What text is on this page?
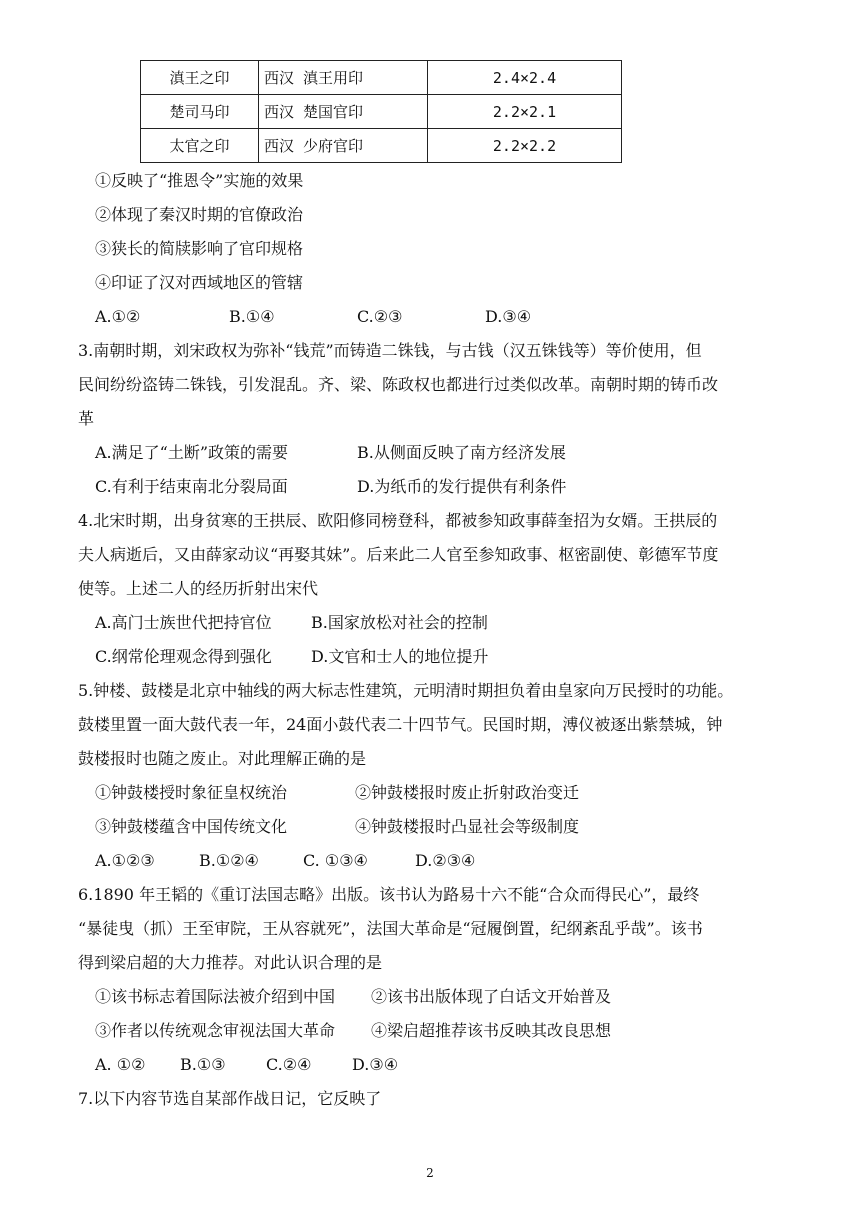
滇王之印	西汉 滇王用印	2.4×2.4
楚司马印	西汉 楚国官印	2.2×2.1
太官之印	西汉 少府官印	2.2×2.2
①反映了“推恩令”实施的效果
②体现了秦汉时期的官僚政治
③狭长的简牍影响了官印规格
④印证了汉对西域地区的管辖
A.①②	B.①④	C.②③	D.③④
3.南朝时期，刘宋政权为弥补“钱荒”而铸造二铢钱，与古钱（汉五铢钱等）等价使用，但
民间纷纷盗铸二铢钱，引发混乱。齐、梁、陈政权也都进行过类似改革。南朝时期的铸币改
革
A.满足了“土断”政策的需要	B.从侧面反映了南方经济发展
C.有利于结束南北分裂局面	D.为纸币的发行提供有利条件
4.北宋时期，出身贫寒的王拱辰、欧阳修同榜登科，都被参知政事薛奎招为女婿。王拱辰的
夫人病逝后，又由薛家动议“再娶其妹”。后来此二人官至参知政事、枢密副使、彰德军节度
使等。上述二人的经历折射出宋代
A.高门士族世代把持官位 B.国家放松对社会的控制
C.纲常伦理观念得到强化 D.文官和士人的地位提升
5.钟楼、鼓楼是北京中轴线的两大标志性建筑，元明清时期担负着由皇家向万民授时的功能。
鼓楼里置一面大鼓代表一年，24面小鼓代表二十四节气。民国时期，溥仪被逐出紫禁城，钟
鼓楼报时也随之废止。对此理解正确的是
①钟鼓楼授时象征皇权统治	②钟鼓楼报时废止折射政治变迁
③钟鼓楼蕴含中国传统文化	④钟鼓楼报时凸显社会等级制度
A.①②③	B.①②④	C. ①③④	D.②③④
6.1890 年王韬的《重订法国志略》出版。该书认为路易十六不能“合众而得民心”，最终
“暴徒曳（抓）王至审院，王从容就死”，法国大革命是“冠履倒置，纪纲紊乱乎哉”。该书
得到梁启超的大力推荐。对此认识合理的是
①该书标志着国际法被介绍到中国 ②该书出版体现了白话文开始普及
③作者以传统观念审视法国大革命 ④梁启超推荐该书反映其改良思想
A. ①② B.①③	C.②④	D.③④
7.以下内容节选自某部作战日记，它反映了
2
